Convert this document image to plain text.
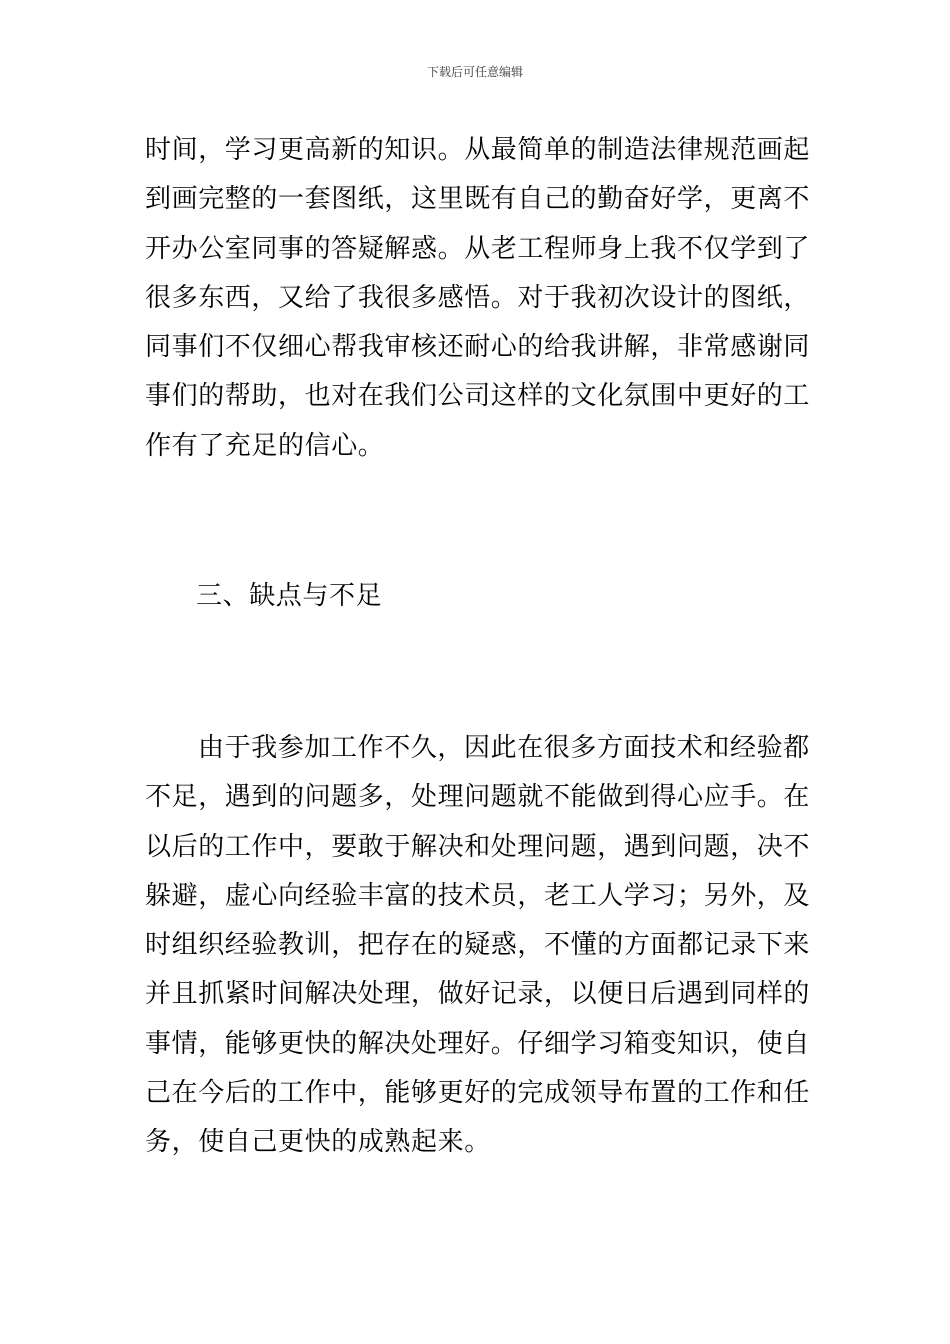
下载后可任意编辑
时间，学习更高新的知识。从最简单的制造法律规范画起
到画完整的一套图纸，这里既有自己的勤奋好学，更离不
开办公室同事的答疑解惑。从老工程师身上我不仅学到了
很多东西，又给了我很多感悟。对于我初次设计的图纸，
同事们不仅细心帮我审核还耐心的给我讲解，非常感谢同
事们的帮助，也对在我们公司这样的文化氛围中更好的工
作有了充足的信心。
三、缺点与不足
由于我参加工作不久，因此在很多方面技术和经验都
不足，遇到的问题多，处理问题就不能做到得心应手。在
以后的工作中，要敢于解决和处理问题，遇到问题，决不
躲避，虚心向经验丰富的技术员，老工人学习；另外，及
时组织经验教训，把存在的疑惑，不懂的方面都记录下来
并且抓紧时间解决处理，做好记录，以便日后遇到同样的
事情，能够更快的解决处理好。仔细学习箱变知识，使自
己在今后的工作中，能够更好的完成领导布置的工作和任
务，使自己更快的成熟起来。
